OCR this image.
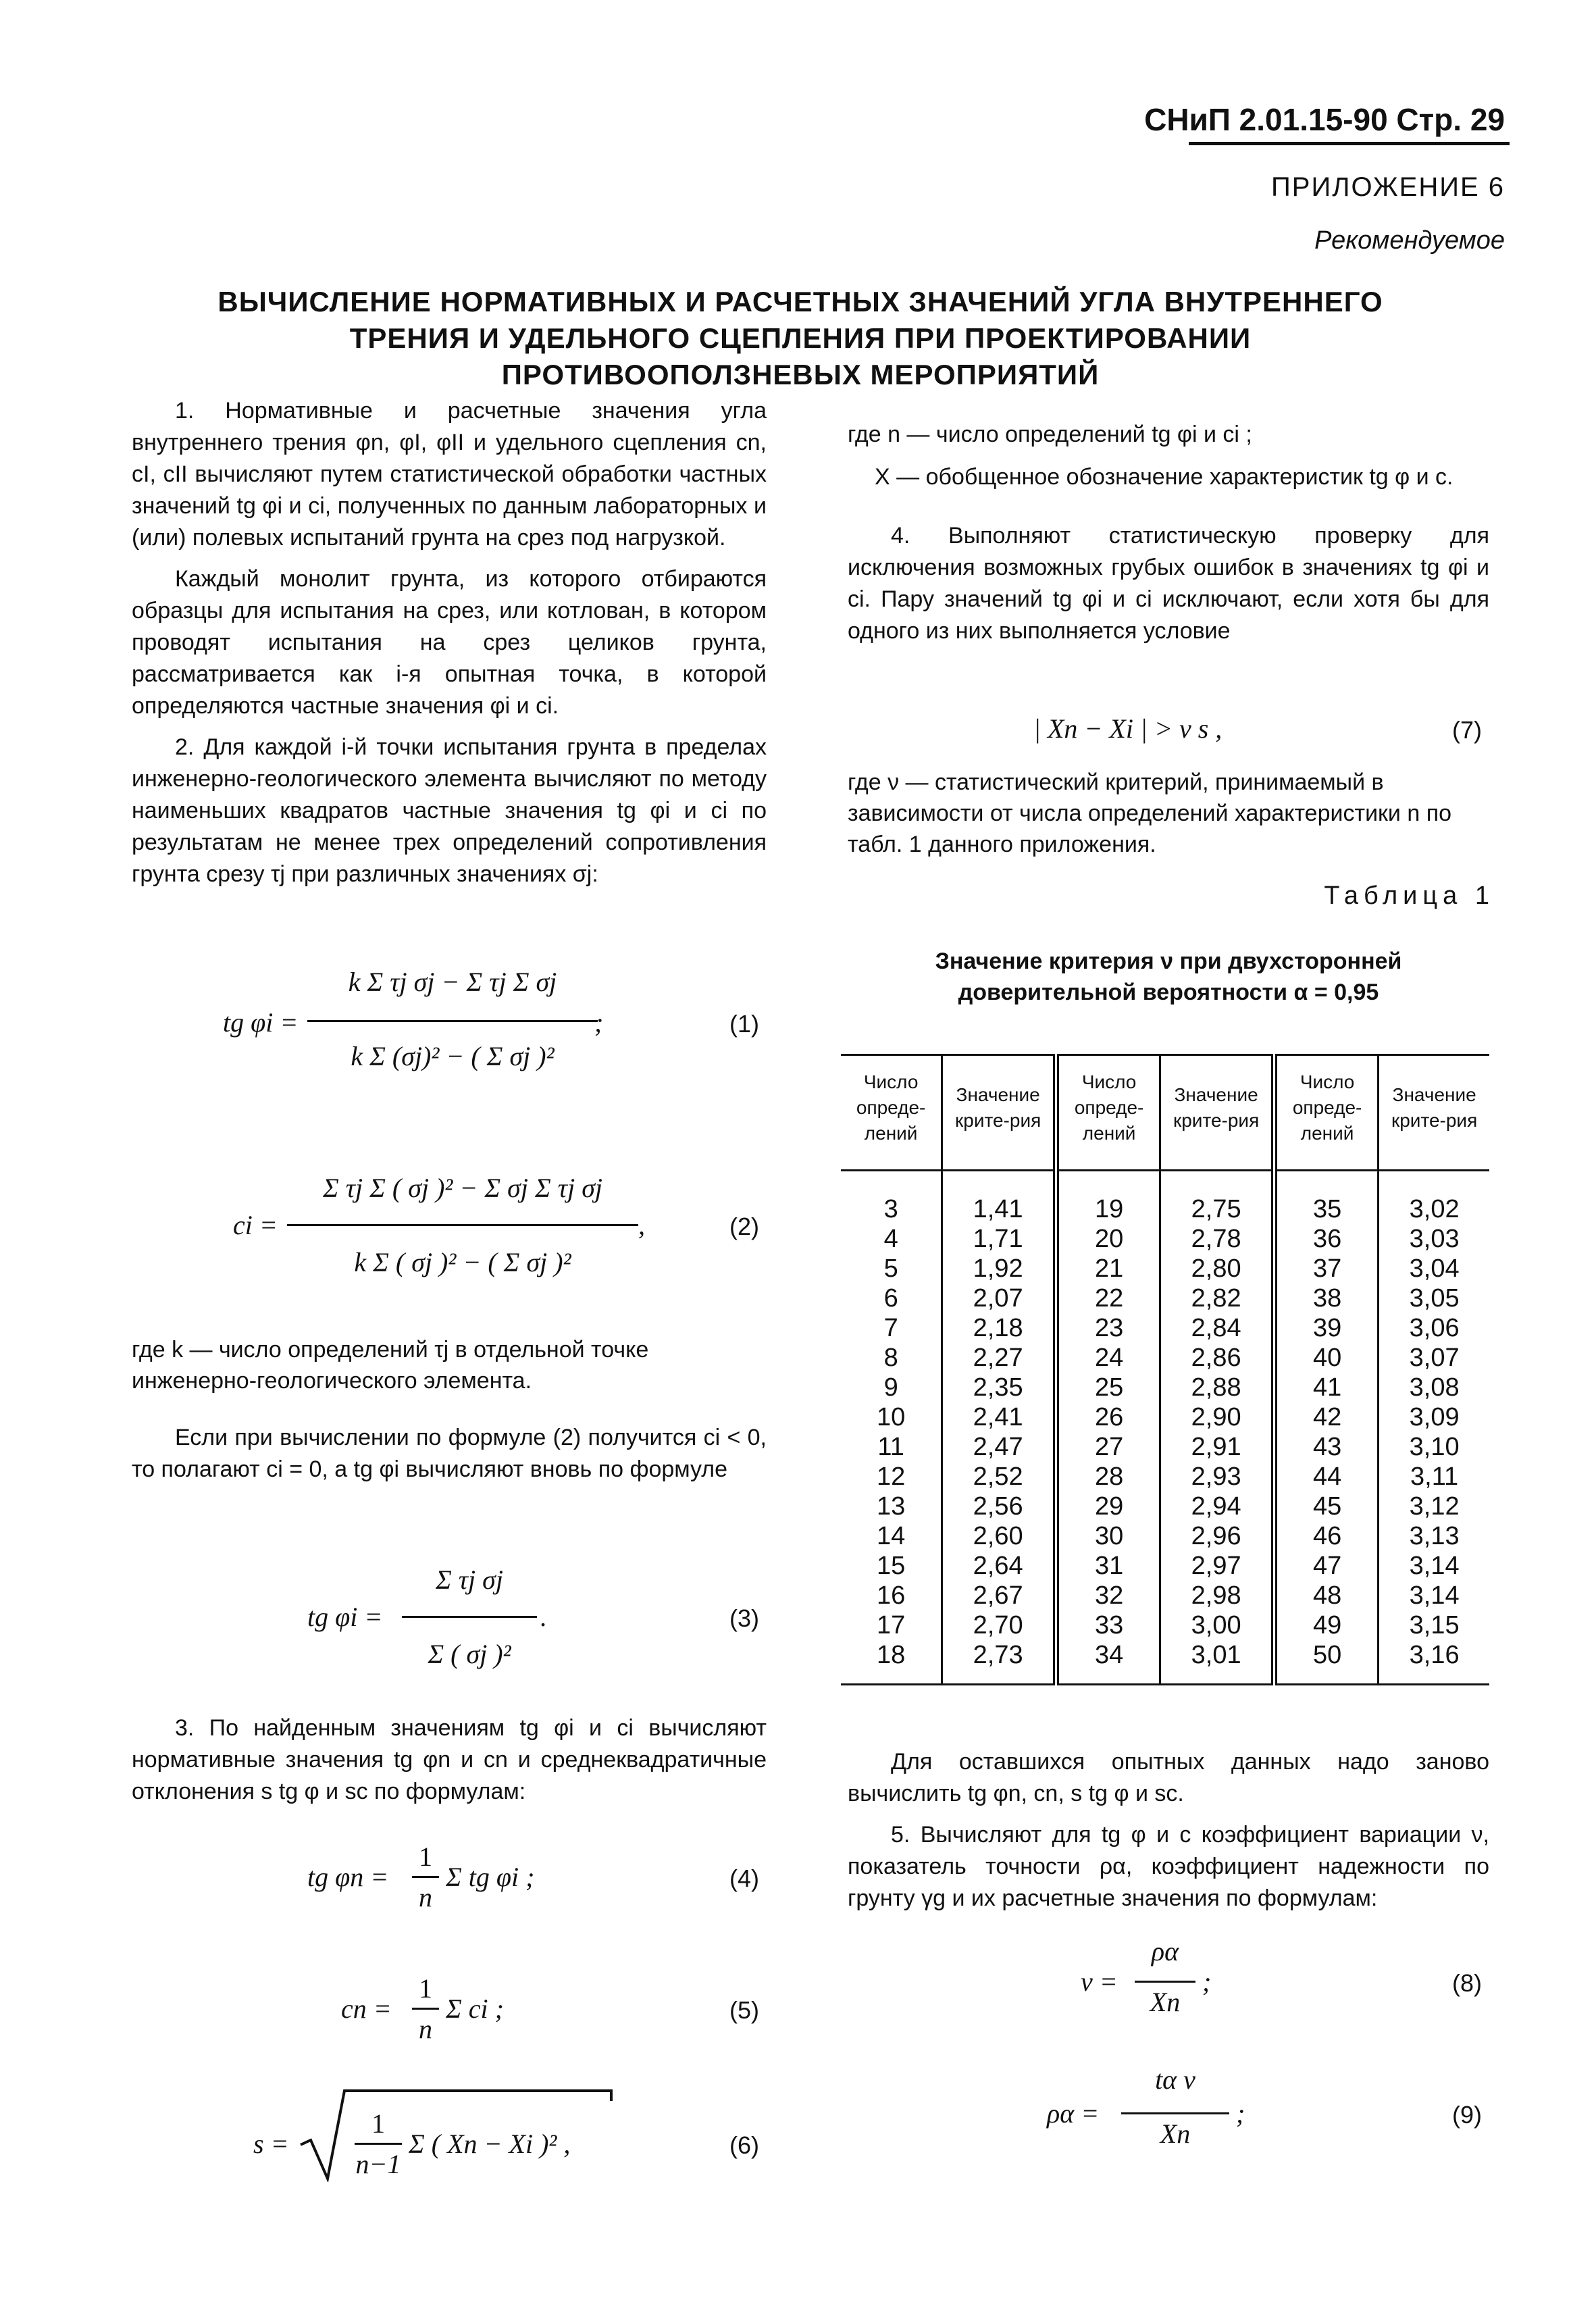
СНиП 2.01.15-90 Стр. 29
ПРИЛОЖЕНИЕ 6
Рекомендуемое
ВЫЧИСЛЕНИЕ НОРМАТИВНЫХ И РАСЧЕТНЫХ ЗНАЧЕНИЙ УГЛА ВНУТРЕННЕГО ТРЕНИЯ И УДЕЛЬНОГО СЦЕПЛЕНИЯ ПРИ ПРОЕКТИРОВАНИИ ПРОТИВООПОЛЗНЕВЫХ МЕРОПРИЯТИЙ

1. Нормативные и расчетные значения угла внутреннего трения φn, φI, φII и удельного сцепления cn, cI, cII вычисляют путем статистической обработки частных значений tg φi и ci, полученных по данным лабораторных и (или) полевых испытаний грунта на срез под нагрузкой.

Каждый монолит грунта, из которого отбираются образцы для испытания на срез, или котлован, в котором проводят испытания на срез целиков грунта, рассматривается как i-я опытная точка, в которой определяются частные значения φi и ci.

2. Для каждой i-й точки испытания грунта в пределах инженерно-геологического элемента вычисляют по методу наименьших квадратов частные значения tg φi и ci по результатам не менее трех определений сопротивления грунта срезу τj при различных значениях σj:

tg φi =
k Σ τj σj − Σ τj Σ σj
k Σ (σj)² − ( Σ σj )²
;	(1)
ci =
Σ τj Σ ( σj )² − Σ σj Σ τj σj
k Σ ( σj )² − ( Σ σj )²
,	(2)
где k — число определений τj в отдельной точке инженерно-геологического элемента.

Если при вычислении по формуле (2) получится ci < 0, то полагают ci = 0, а tg φi вычисляют вновь по формуле

tg φi =
Σ τj σj
Σ ( σj )²
.	(3)

3. По найденным значениям tg φi и ci вычисляют нормативные значения tg φn и cn и среднеквадратичные отклонения s tg φ и sc по формулам:

tg φn =
1
n
Σ tg φi ;	(4)
cn =
1
n
Σ ci ;	(5)
s =
1
n−1
Σ ( Xn − Xi )² ,	(6)
где n — число определений tg φi и ci ;
X — обобщенное обозначение характеристик tg φ и c.

4. Выполняют статистическую проверку для исключения возможных грубых ошибок в значениях tg φi и ci. Пару значений tg φi и ci исключают, если хотя бы для одного из них выполняется условие

| Xn − Xi | > ν s ,	(7)
где ν — статистический критерий, принимаемый в зависимости от числа определений характеристики n по табл. 1 данного приложения.
Таблица 1
Значение критерия ν при двухсторонней доверительной вероятности α = 0,95
Число опреде-лений	Значение крите-рия	Число опреде-лений	Значение крите-рия	Число опреде-лений	Значение крите-рия
3	1,41	19	2,75	35	3,02
4	1,71	20	2,78	36	3,03
5	1,92	21	2,80	37	3,04
6	2,07	22	2,82	38	3,05
7	2,18	23	2,84	39	3,06
8	2,27	24	2,86	40	3,07
9	2,35	25	2,88	41	3,08
10	2,41	26	2,90	42	3,09
11	2,47	27	2,91	43	3,10
12	2,52	28	2,93	44	3,11
13	2,56	29	2,94	45	3,12
14	2,60	30	2,96	46	3,13
15	2,64	31	2,97	47	3,14
16	2,67	32	2,98	48	3,14
17	2,70	33	3,00	49	3,15
18	2,73	34	3,01	50	3,16

Для оставшихся опытных данных надо заново вычислить tg φn, cn, s tg φ и sc.

5. Вычисляют для tg φ и c коэффициент вариации ν, показатель точности ρα, коэффициент надежности по грунту γg и их расчетные значения по формулам:

ν =
ρα
Xn
;	(8)
ρα =
tα ν
Xn
;	(9)
